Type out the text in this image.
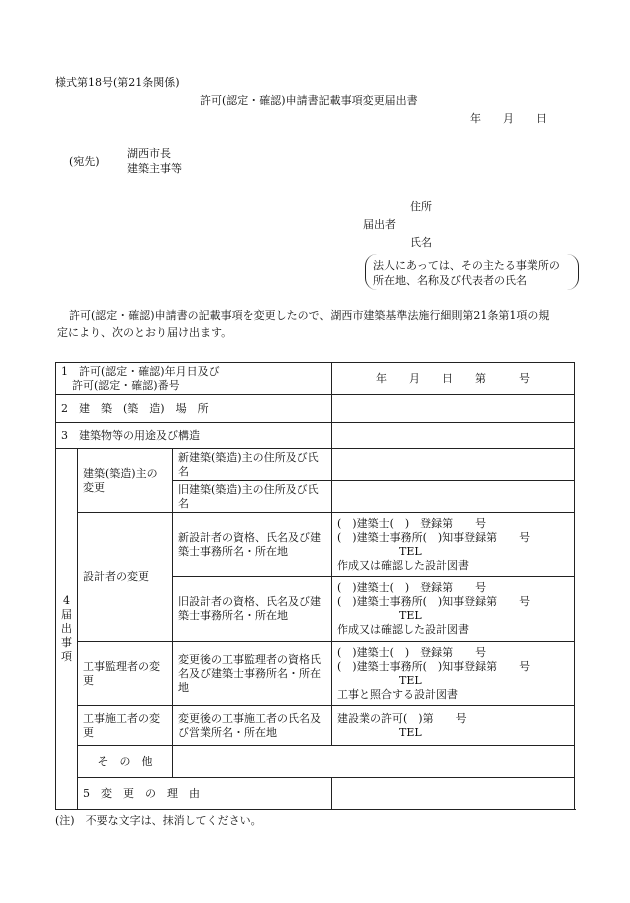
様式第18号(第21条関係)
許可(認定・確認)申請書記載事項変更届出書
年　　月　　日
(宛先)
湖西市長
建築主事等
住所
届出者
氏名
法人にあっては、その主たる事業所の
所在地、名称及び代表者の氏名
許可(認定・確認)申請書の記載事項を変更したので、湖西市建築基準法施行細則第21条第1項の規
定により、次のとおり届け出ます。
1　許可(認定・確認)年月日及び
　許可(認定・確認)番号			年　　月　　日　　第　　　号
2　建　築　(築　造)　場　所			
3　建築物等の用途及び構造			

4
届
出
事
項	建築(築造)主の変更	新建築(築造)主の住所及び氏名	
		旧建築(築造)主の住所及び氏名	
	設計者の変更	新設計者の資格、氏名及び建築士事務所名・所在地	(　)建築士(　)　登録第　　号
(　)建築士事務所(　)知事登録第　　号
TEL
作成又は確認した設計図書

		旧設計者の資格、氏名及び建築士事務所名・所在地	(　)建築士(　)　登録第　　号
(　)建築士事務所(　)知事登録第　　号
TEL
作成又は確認した設計図書

	工事監理者の変更	変更後の工事監理者の資格氏名及び建築士事務所名・所在地	(　)建築士(　)　登録第　　号
(　)建築士事務所(　)知事登録第　　号
TEL
工事と照合する設計図書

	工事施工者の変更	変更後の工事施工者の氏名及び営業所名・所在地	建設業の許可(　)第　　号
TEL

	そ　の　他		
	5　変　更　の　理　由		
(注)　不要な文字は、抹消してください。
